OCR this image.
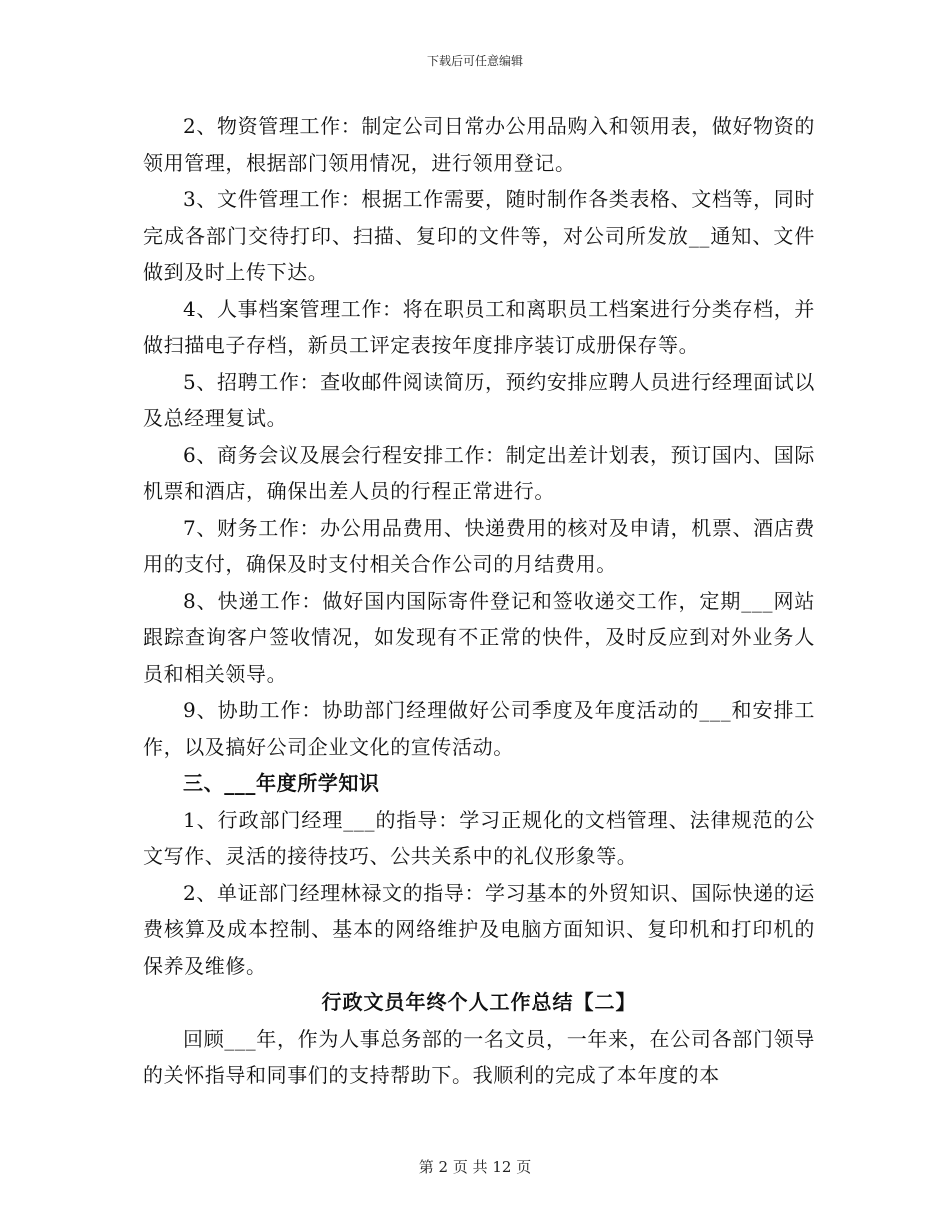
下载后可任意编辑

2、物资管理工作：制定公司日常办公用品购入和领用表，做好物资的领用管理，根据部门领用情况，进行领用登记。

3、文件管理工作：根据工作需要，随时制作各类表格、文档等，同时完成各部门交待打印、扫描、复印的文件等，对公司所发放__通知、文件做到及时上传下达。

4、人事档案管理工作：将在职员工和离职员工档案进行分类存档，并做扫描电子存档，新员工评定表按年度排序装订成册保存等。

5、招聘工作：查收邮件阅读简历，预约安排应聘人员进行经理面试以及总经理复试。

6、商务会议及展会行程安排工作：制定出差计划表，预订国内、国际机票和酒店，确保出差人员的行程正常进行。

7、财务工作：办公用品费用、快递费用的核对及申请，机票、酒店费用的支付，确保及时支付相关合作公司的月结费用。

8、快递工作：做好国内国际寄件登记和签收递交工作，定期___网站跟踪查询客户签收情况，如发现有不正常的快件，及时反应到对外业务人员和相关领导。

9、协助工作：协助部门经理做好公司季度及年度活动的___和安排工作，以及搞好公司企业文化的宣传活动。

三、___年度所学知识

1、行政部门经理___的指导：学习正规化的文档管理、法律规范的公文写作、灵活的接待技巧、公共关系中的礼仪形象等。

2、单证部门经理林禄文的指导：学习基本的外贸知识、国际快递的运费核算及成本控制、基本的网络维护及电脑方面知识、复印机和打印机的保养及维修。

行政文员年终个人工作总结【二】

回顾___年，作为人事总务部的一名文员，一年来，在公司各部门领导的关怀指导和同事们的支持帮助下。我顺利的完成了本年度的本

第 2 页 共 12 页
